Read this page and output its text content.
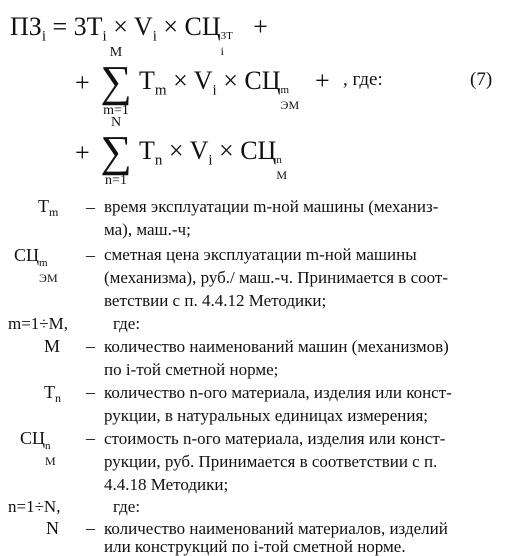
$ПЗ_i = 3T_i \times V_i$ × СЦ 3T
i
+
+
M
∑
m=1
$T_m \times V_i$ × СЦ m
ЭМ
+ , где:	(7)
+
N
∑
n=1
$T_n \times V_i$ × СЦ n
M
$T_m$ – время эксплуатации m-ной машины (механиз-
ма), маш.-ч;
СЦ m
ЭМ
– сметная цена эксплуатации m-ной машины
(механизма), руб./ маш.-ч. Принимается в соот-
ветствии с п. 4.4.12 Методики;
m=1÷M,	где:
M – количество наименований машин (механизмов)
по i-той сметной норме;
$T_n$ – количество n-ого материала, изделия или конст-
рукции, в натуральных единицах измерения;
СЦ n
M
– стоимость n-ого материала, изделия или конст-
рукции, руб. Принимается в соответствии с п.
4.4.18 Методики;
n=1÷N,	где:
N – количество наименований материалов, изделий
или конструкций по i-той сметной норме.
